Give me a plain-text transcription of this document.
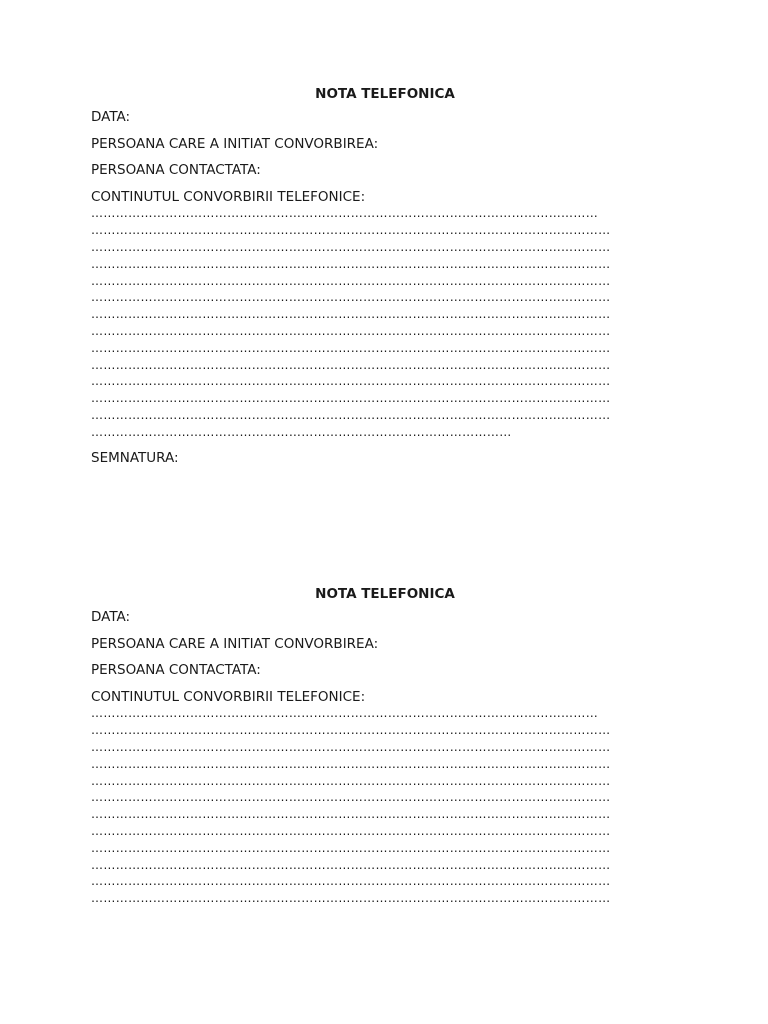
NOTA TELEFONICA
DATA:
PERSOANA CARE A INITIAT CONVORBIREA:
PERSOANA CONTACTATA:
CONTINUTUL CONVORBIRII TELEFONICE:
……………………………………………………………………………………………………………
………………………………………………………………………………………………………………
………………………………………………………………………………………………………………
………………………………………………………………………………………………………………
………………………………………………………………………………………………………………
………………………………………………………………………………………………………………
………………………………………………………………………………………………………………
………………………………………………………………………………………………………………
………………………………………………………………………………………………………………
………………………………………………………………………………………………………………
………………………………………………………………………………………………………………
………………………………………………………………………………………………………………
………………………………………………………………………………………………………………
…………………………………………………………………………………………
SEMNATURA:
NOTA TELEFONICA
DATA:
PERSOANA CARE A INITIAT CONVORBIREA:
PERSOANA CONTACTATA:
CONTINUTUL CONVORBIRII TELEFONICE:
……………………………………………………………………………………………………………
………………………………………………………………………………………………………………
………………………………………………………………………………………………………………
………………………………………………………………………………………………………………
………………………………………………………………………………………………………………
………………………………………………………………………………………………………………
………………………………………………………………………………………………………………
………………………………………………………………………………………………………………
………………………………………………………………………………………………………………
………………………………………………………………………………………………………………
………………………………………………………………………………………………………………
………………………………………………………………………………………………………………
